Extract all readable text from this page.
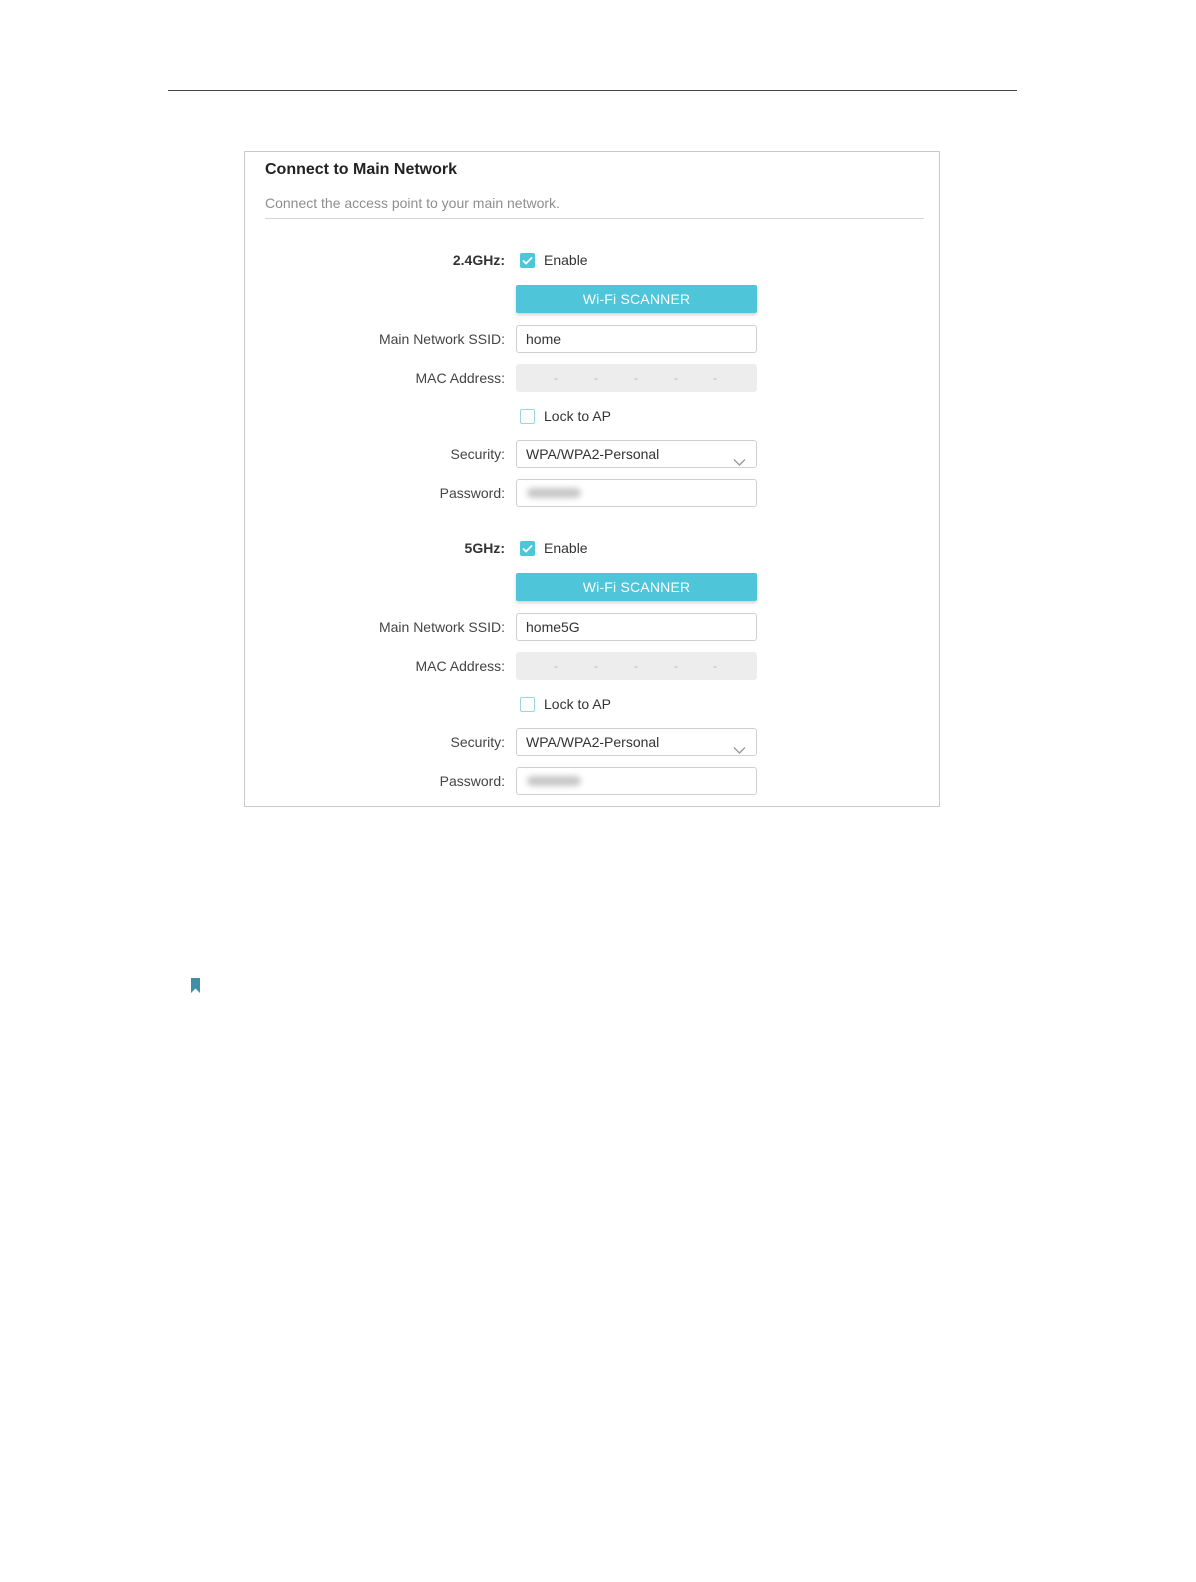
Connect to Main Network
Connect the access point to your main network.
2.4GHz:	Enable
Wi-Fi SCANNER
Main Network SSID:	home
MAC Address:	-	-	-	-	-
Lock to AP
Security:	WPA/WPA2-Personal
Password:
5GHz:	Enable
Wi-Fi SCANNER
Main Network SSID:	home5G
MAC Address:	-	-	-	-	-
Lock to AP
Security:	WPA/WPA2-Personal
Password:
